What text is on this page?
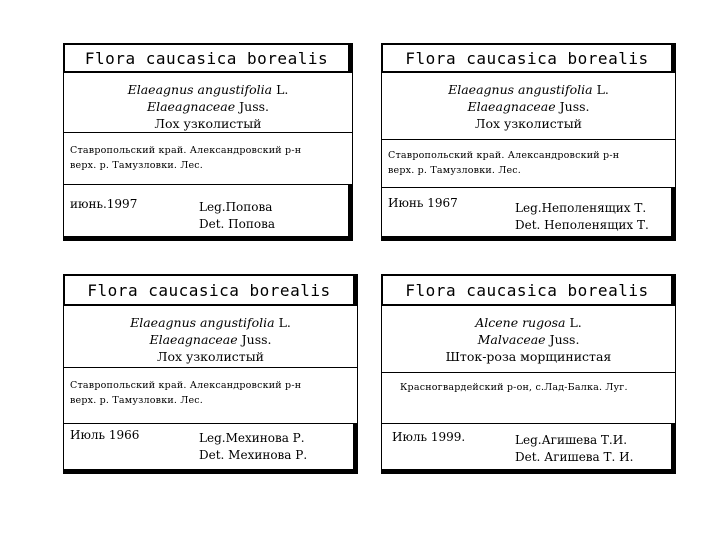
Flora caucasica borealis
Elaeagnus angustifolia L.
Elaeagnaceae Juss.
Лох узколистый
Ставропольский край. Александровский р-н
верх. р. Тамузловки. Лес.
июнь.1997	Leg.Попова
Det. Попова
Flora caucasica borealis
Elaeagnus angustifolia L.
Elaeagnaceae Juss.
Лох узколистый
Ставропольский край. Александровский р-н
верх. р. Тамузловки. Лес.
Июнь 1967	Leg.Неполенящих Т.
Det. Неполенящих Т.
Flora caucasica borealis
Elaeagnus angustifolia L.
Elaeagnaceae Juss.
Лох узколистый
Ставропольский край. Александровский р-н
верх. р. Тамузловки. Лес.
Июль 1966	Leg.Мехинова Р.
Det. Мехинова Р.
Flora caucasica borealis
Alcene rugosa L.
Malvaceae Juss.
Шток-роза морщинистая
Красногвардейский р-он, с.Лад-Балка. Луг.
Июль 1999.	Leg.Агишева Т.И.
Det. Агишева Т. И.
